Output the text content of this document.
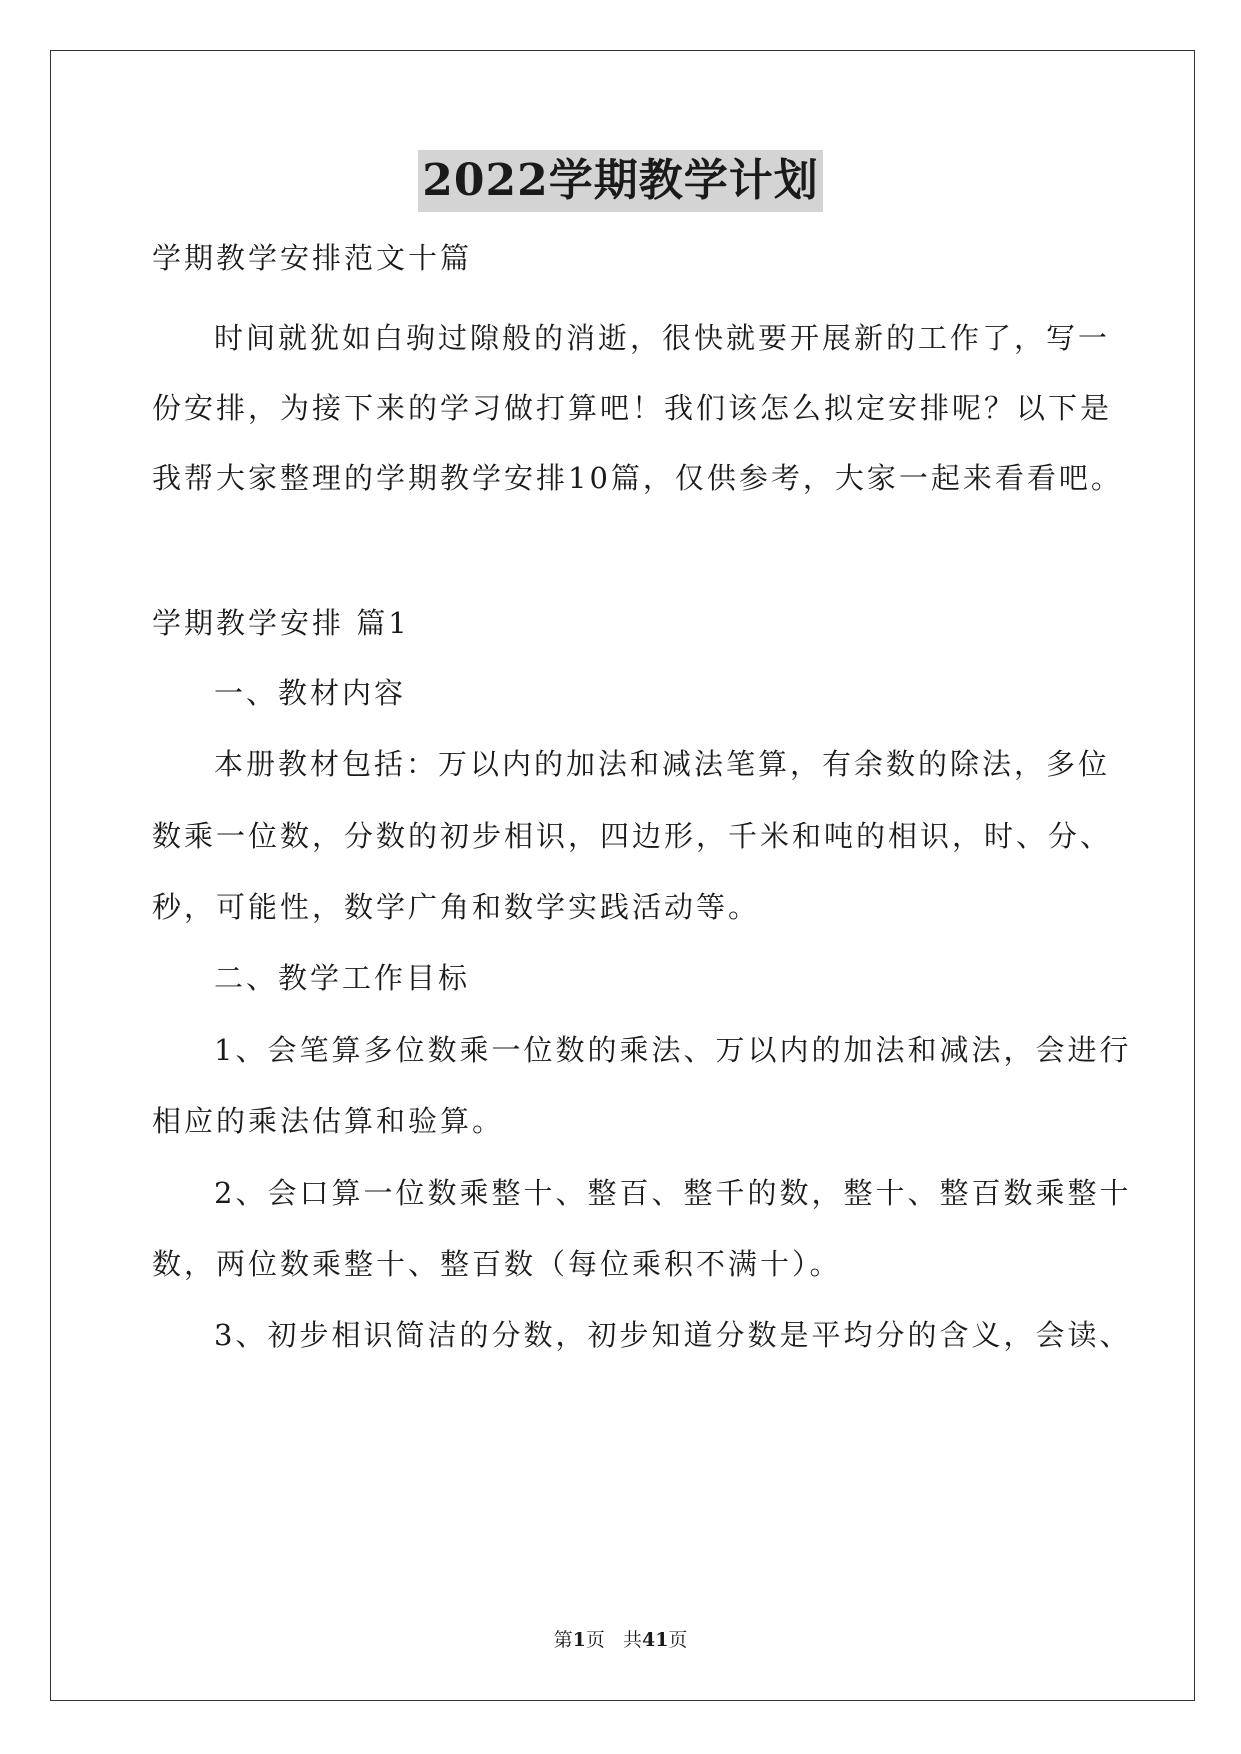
2022学期教学计划
学期教学安排范文十篇
时间就犹如白驹过隙般的消逝，很快就要开展新的工作了，写一
份安排，为接下来的学习做打算吧！我们该怎么拟定安排呢？以下是
我帮大家整理的学期教学安排10篇，仅供参考，大家一起来看看吧。
学期教学安排 篇1
一、教材内容
本册教材包括：万以内的加法和减法笔算，有余数的除法，多位
数乘一位数，分数的初步相识，四边形，千米和吨的相识，时、分、
秒，可能性，数学广角和数学实践活动等。
二、教学工作目标
1、会笔算多位数乘一位数的乘法、万以内的加法和减法，会进行
相应的乘法估算和验算。
2、会口算一位数乘整十、整百、整千的数，整十、整百数乘整十
数，两位数乘整十、整百数（每位乘积不满十）。
3、初步相识简洁的分数，初步知道分数是平均分的含义，会读、
第1页 共41页
